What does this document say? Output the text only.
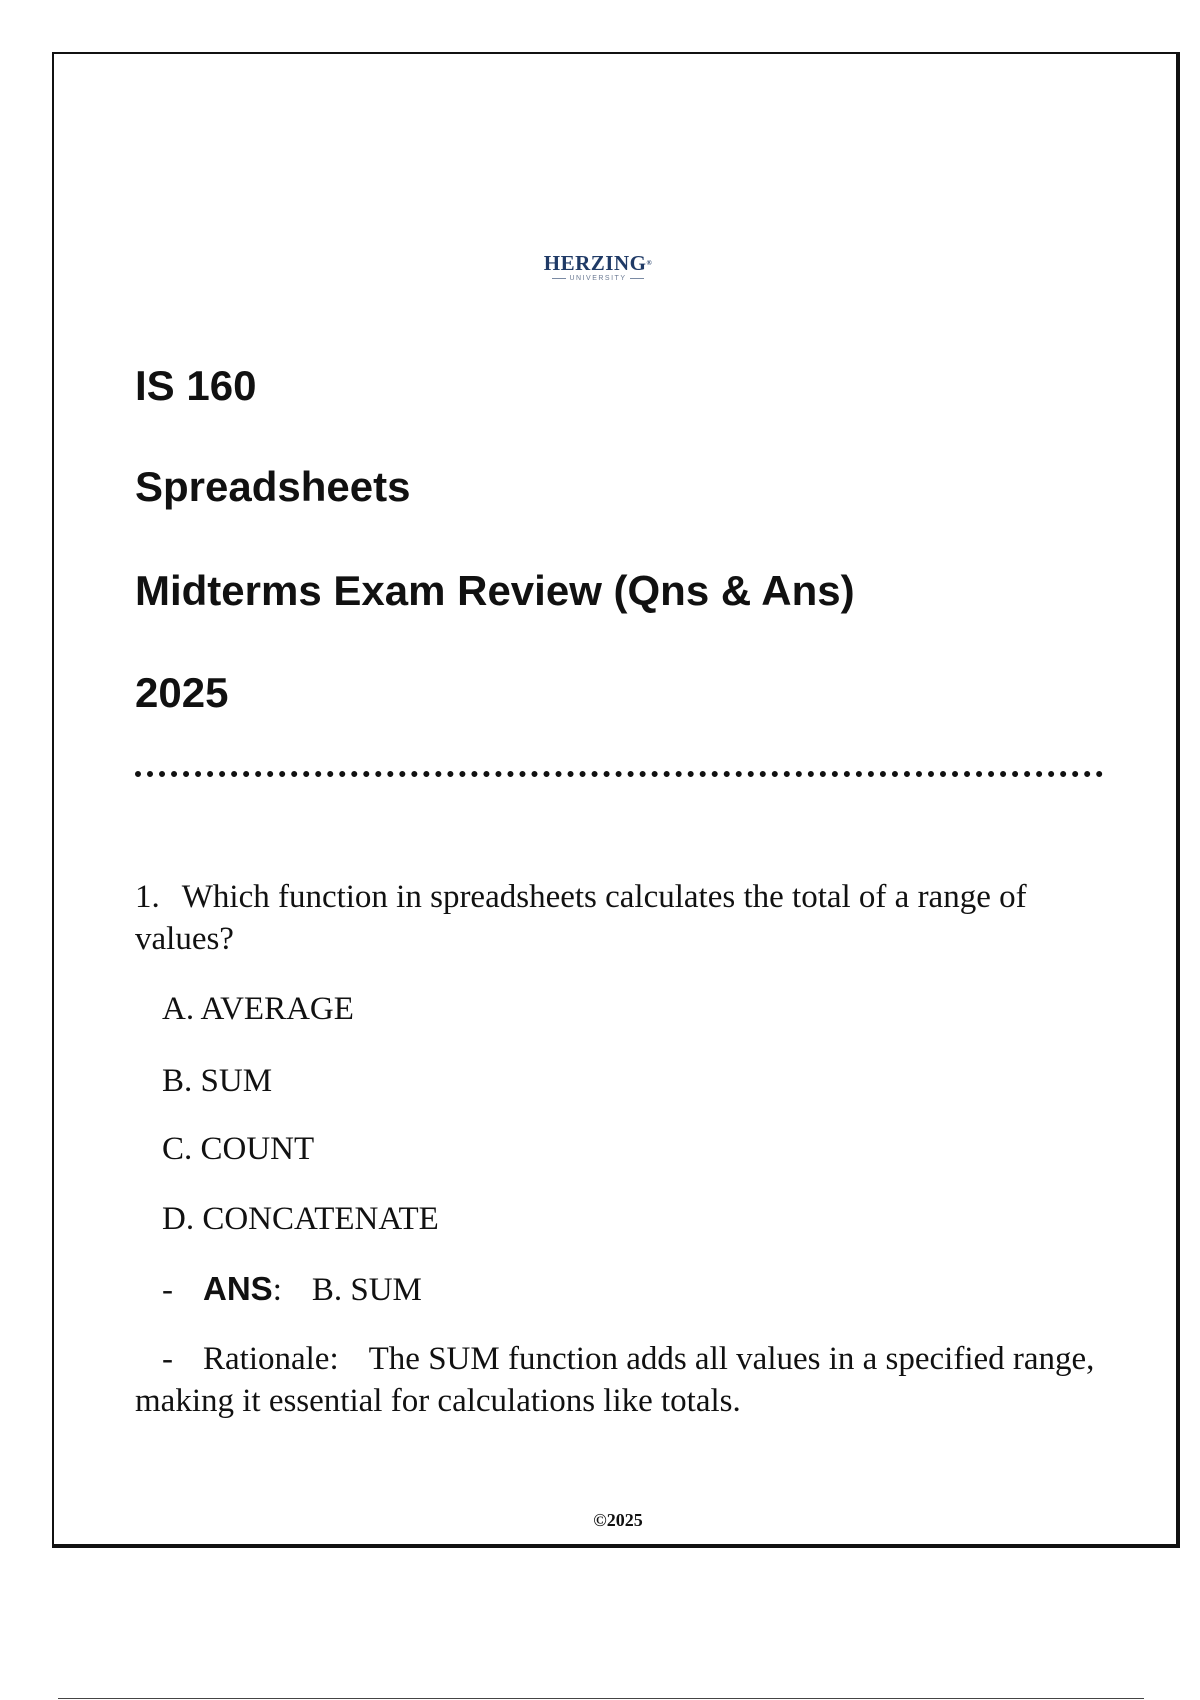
HERZING®
UNIVERSITY
IS 160
Spreadsheets
Midterms Exam Review (Qns & Ans)
2025
1. Which function in spreadsheets calculates the total of a range of values?
A. AVERAGE
B. SUM
C. COUNT
D. CONCATENATE
- ANS: B. SUM
- Rationale: The SUM function adds all values in a specified range, making it essential for calculations like totals.
©2025
